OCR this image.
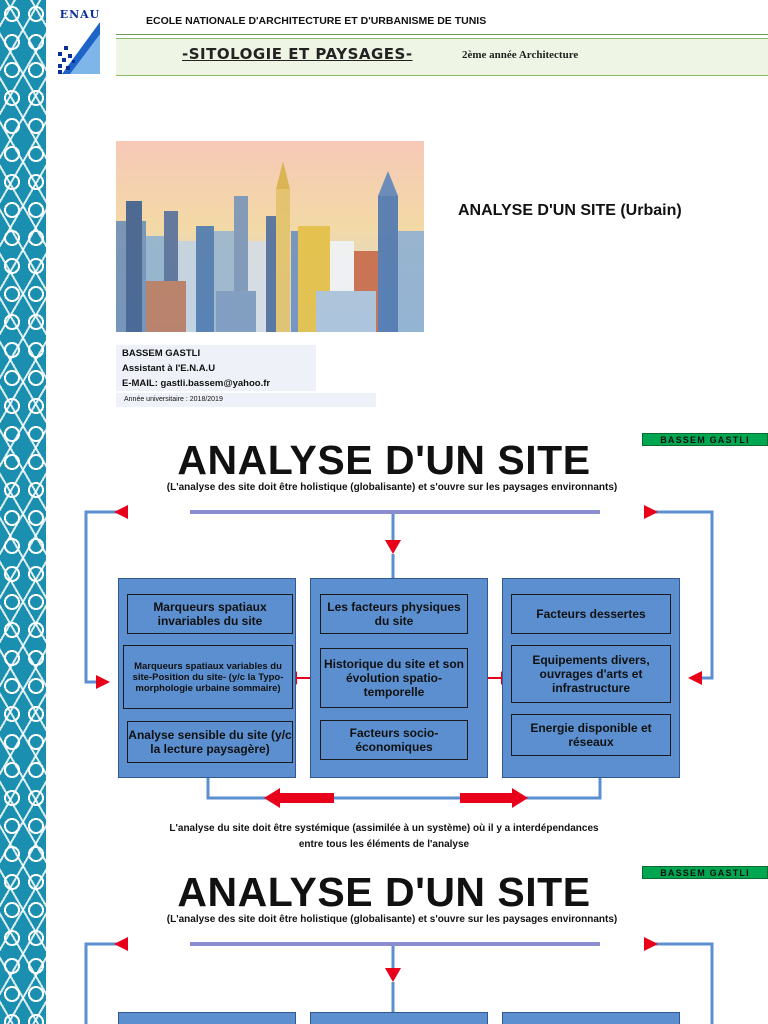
ENAU	ECOLE NATIONALE D'ARCHITECTURE ET D'URBANISME DE TUNIS
-SITOLOGIE ET PAYSAGES-	2ème année Architecture
ANALYSE D'UN SITE (Urbain)
BASSEM GASTLI
Assistant à l'E.N.A.U
E-MAIL: gastli.bassem@yahoo.fr
Année universitaire : 2018/2019
BASSEM GASTLI
ANALYSE D'UN SITE
(L'analyse des site doit être holistique (globalisante) et s'ouvre sur les paysages environnants)
Marqueurs spatiaux invariables du site
Marqueurs spatiaux variables du site-Position du site- (y/c la Typo-morphologie urbaine sommaire)
Analyse sensible du site (y/c la lecture paysagère)
Les facteurs physiques du site
Historique du site et son évolution spatio-temporelle
Facteurs socio-économiques
Facteurs dessertes
Equipements divers, ouvrages d'arts et infrastructure
Energie disponible et réseaux
L'analyse du site doit être systémique (assimilée à un système) où il y a interdépendances
entre tous les éléments de l'analyse
BASSEM GASTLI
ANALYSE D'UN SITE
(L'analyse des site doit être holistique (globalisante) et s'ouvre sur les paysages environnants)
